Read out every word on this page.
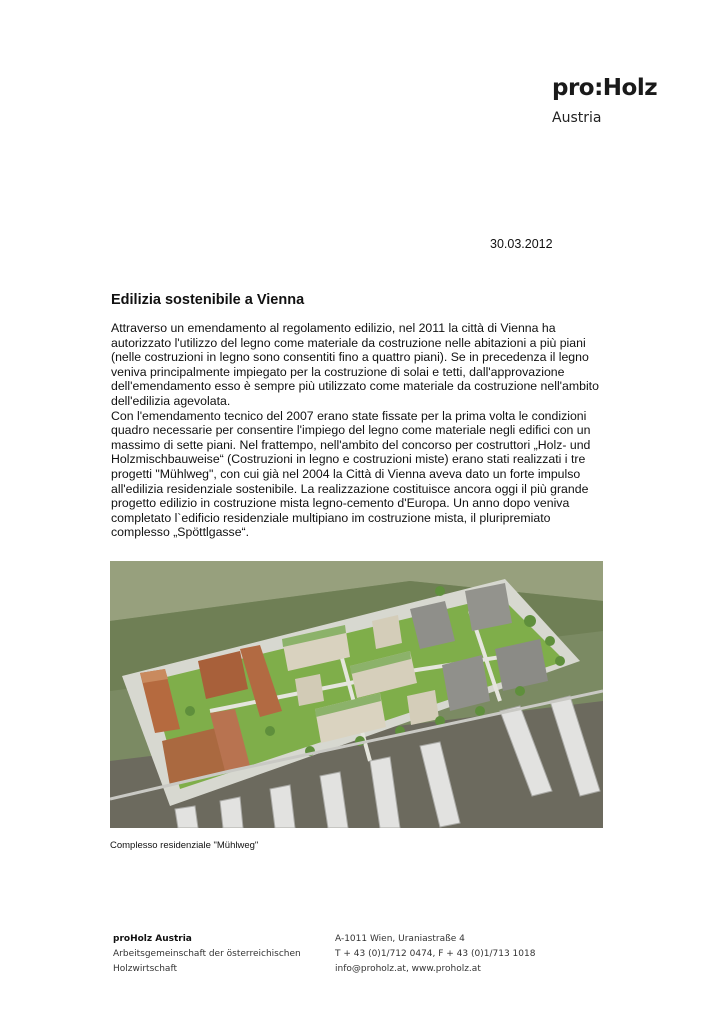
pro:Holz
Austria
30.03.2012
Edilizia sostenibile a Vienna

Attraverso un emendamento al regolamento edilizio, nel 2011 la città di Vienna ha autorizzato l'utilizzo del legno come materiale da costruzione nelle abitazioni a più piani (nelle costruzioni in legno sono consentiti fino a quattro piani). Se in precedenza il legno veniva principalmente impiegato per la costruzione di solai e tetti, dall'approvazione dell'emendamento esso è sempre più utilizzato come materiale da costruzione nell'ambito dell'edilizia agevolata.

Con l'emendamento tecnico del 2007 erano state fissate per la prima volta le condizioni quadro necessarie per consentire l'impiego del legno come materiale negli edifici con un massimo di sette piani. Nel frattempo, nell'ambito del concorso per costruttori „Holz- und Holzmischbauweise“ (Costruzioni in legno e costruzioni miste) erano stati realizzati i tre progetti "Mühlweg", con cui già nel 2004 la Città di Vienna aveva dato un forte impulso all'edilizia residenziale sostenibile. La realizzazione costituisce ancora oggi il più grande progetto edilizio in costruzione mista legno-cemento d'Europa. Un anno dopo veniva completato l`edificio residenziale multipiano im costruzione mista, il pluripremiato complesso „Spöttlgasse“.

Complesso residenziale "Mühlweg"
proHolz Austria
Arbeitsgemeinschaft der österreichischen
Holzwirtschaft
A-1011 Wien, Uraniastraße 4
T + 43 (0)1/712 0474, F + 43 (0)1/713 1018
info@proholz.at, www.proholz.at
